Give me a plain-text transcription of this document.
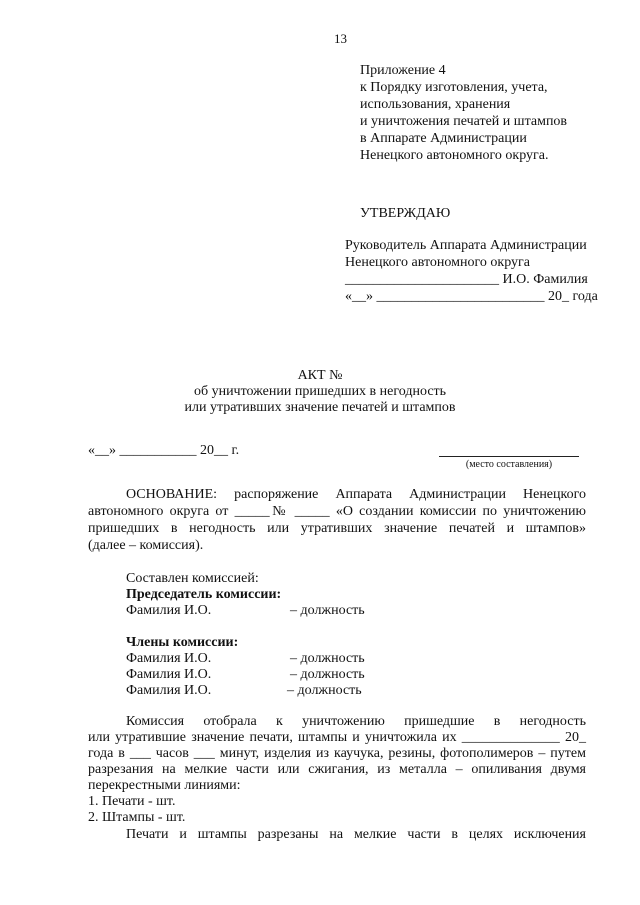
13
Приложение 4
к Порядку изготовления, учета,
использования, хранения
и уничтожения печатей и штампов
в Аппарате Администрации
Ненецкого автономного округа.
УТВЕРЖДАЮ
Руководитель Аппарата Администрации
Ненецкого автономного округа
______________________ И.О. Фамилия
«__» ________________________ 20_ года
АКТ №
об уничтожении пришедших в негодность
или утративших значение печатей и штампов
«__» ___________ 20__ г.
(место составления)
ОСНОВАНИЕ: распоряжение Аппарата Администрации Ненецкого
автономного округа от _____№ _____ «О создании комиссии по уничтожению
пришедших в негодность или утративших значение печатей и штампов»
(далее – комиссия).
Составлен комиссией:
Председатель комиссии:
Фамилия И.О.	– должность
Члены комиссии:
Фамилия И.О.	– должность
Фамилия И.О.	– должность
Фамилия И.О.	– должность
Комиссия отобрала к уничтожению пришедшие в негодность
или утратившие значение печати, штампы и уничтожила их ______________ 20_
года в ___ часов ___ минут, изделия из каучука, резины, фотополимеров – путем
разрезания на мелкие части или сжигания, из металла – опиливания двумя
перекрестными линиями:
1. Печати - шт.
2. Штампы - шт.
Печати и штампы разрезаны на мелкие части в целях исключения
